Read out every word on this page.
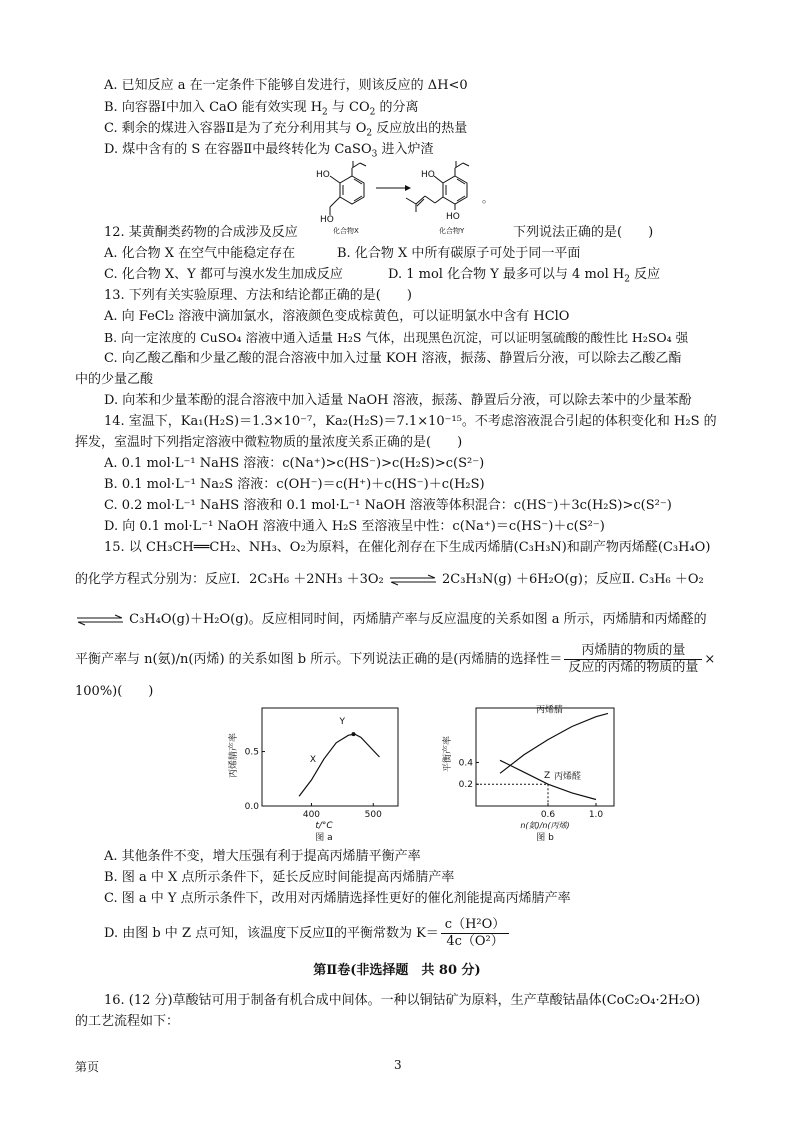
A. 已知反应 a 在一定条件下能够自发进行，则该反应的 ΔH<0
B. 向容器Ⅰ中加入 CaO 能有效实现 $H_2$ 与 $CO_2$ 的分离
C. 剩余的煤进入容器Ⅱ是为了充分利用其与 $O_2$ 反应放出的热量
D. 煤中含有的 S 在容器Ⅱ中最终转化为 CaSO$_3$ 进入炉渣
HO
HO
化合物X
HO
HO
化合物Y
。
12. 某黄酮类药物的合成涉及反应	下列说法正确的是(　　)
A. 化合物 X 在空气中能稳定存在	B. 化合物 X 中所有碳原子可处于同一平面
C. 化合物 X、Y 都可与溴水发生加成反应	D. 1 mol 化合物 Y 最多可以与 4 mol $H_2$ 反应
13. 下列有关实验原理、方法和结论都正确的是(　　)
A. 向 FeCl₂ 溶液中滴加氯水，溶液颜色变成棕黄色，可以证明氯水中含有 HClO
B. 向一定浓度的 CuSO₄ 溶液中通入适量 H₂S 气体，出现黑色沉淀，可以证明氢硫酸的酸性比 H₂SO₄ 强
C. 向乙酸乙酯和少量乙酸的混合溶液中加入过量 KOH 溶液，振荡、静置后分液，可以除去乙酸乙酯
中的少量乙酸
D. 向苯和少量苯酚的混合溶液中加入适量 NaOH 溶液，振荡、静置后分液，可以除去苯中的少量苯酚
14. 室温下，Ka₁(H₂S)＝1.3×10⁻⁷，Ka₂(H₂S)＝7.1×10⁻¹⁵。不考虑溶液混合引起的体积变化和 H₂S 的
挥发，室温时下列指定溶液中微粒物质的量浓度关系正确的是(　　)
A. 0.1 mol·L⁻¹ NaHS 溶液：c(Na⁺)>c(HS⁻)>c(H₂S)>c(S²⁻)
B. 0.1 mol·L⁻¹ Na₂S 溶液：c(OH⁻)＝c(H⁺)＋c(HS⁻)＋c(H₂S)
C. 0.2 mol·L⁻¹ NaHS 溶液和 0.1 mol·L⁻¹ NaOH 溶液等体积混合：c(HS⁻)＋3c(H₂S)>c(S²⁻)
D. 向 0.1 mol·L⁻¹ NaOH 溶液中通入 H₂S 至溶液呈中性：c(Na⁺)＝c(HS⁻)＋c(S²⁻)
15. 以 CH₃CH══CH₂、NH₃、O₂为原料，在催化剂存在下生成丙烯腈(C₃H₃N)和副产物丙烯醛(C₃H₄O)
的化学方程式分别为：反应Ⅰ．2C₃H₆ ＋2NH₃ ＋3O₂ ⇌ 2C₃H₃N(g) ＋6H₂O(g)；反应Ⅱ. C₃H₆ ＋O₂
⇌ C₃H₄O(g)＋H₂O(g)。反应相同时间，丙烯腈产率与反应温度的关系如图 a 所示，丙烯腈和丙烯醛的
平衡产率与 n(氨)/n(丙烯) 的关系如图 b 所示。下列说法正确的是(丙烯腈的选择性＝ $\frac{\text{丙烯腈的物质的量}}{\text{反应的丙烯的物质的量}}$ ×
100%)(　　)
400	500
0.0
0.5
X
Y
丙烯腈产率
t/°C
图 a
0.6	1.0
0.2
0.4
丙烯腈
丙烯醛
Z
平衡产率
n(氨)/n(丙烯)
图 b
A. 其他条件不变，增大压强有利于提高丙烯腈平衡产率
B. 图 a 中 X 点所示条件下，延长反应时间能提高丙烯腈产率
C. 图 a 中 Y 点所示条件下，改用对丙烯腈选择性更好的催化剂能提高丙烯腈产率
D. 由图 b 中 Z 点可知，该温度下反应Ⅱ的平衡常数为 $K= \frac{\text{c（H²O）}}{\text{4c（O²）}}$
第Ⅱ卷(非选择题　共 80 分)
16. (12 分)草酸钴可用于制备有机合成中间体。一种以铜钴矿为原料，生产草酸钴晶体(CoC₂O₄·2H₂O)
的工艺流程如下：
第页	3
